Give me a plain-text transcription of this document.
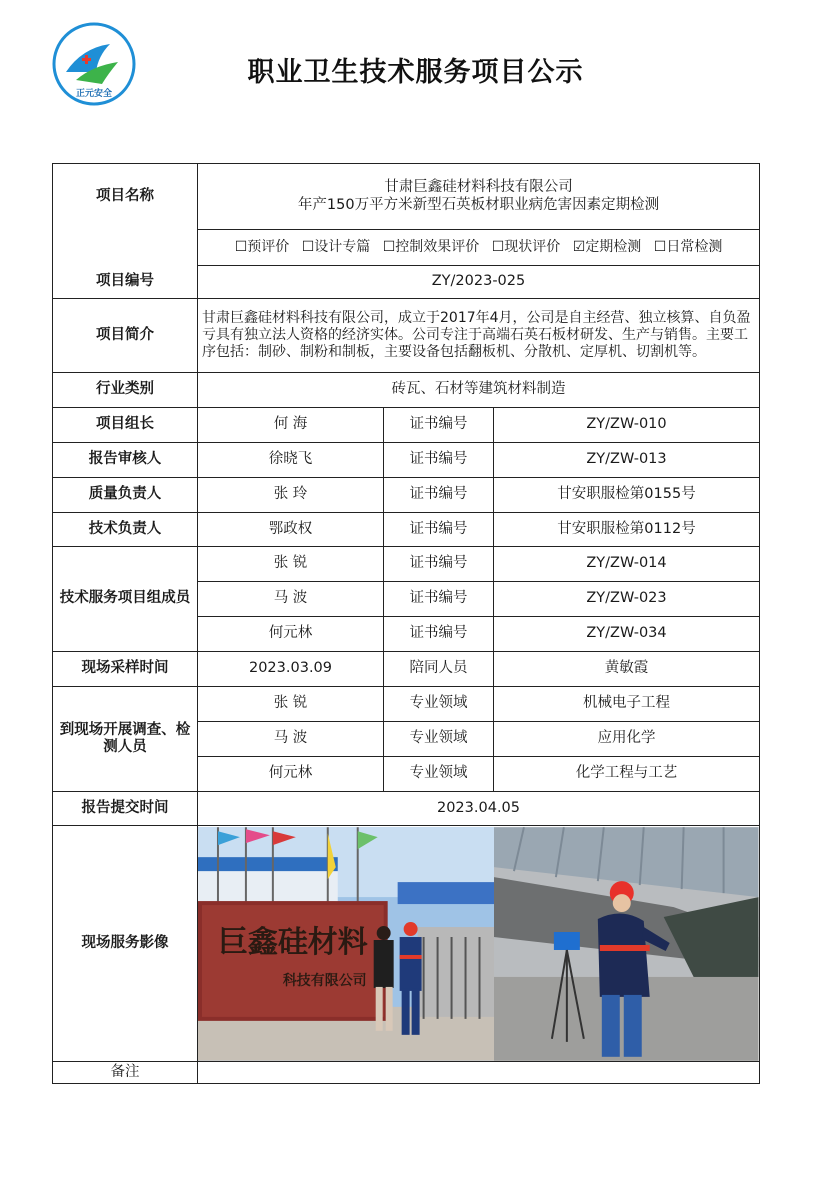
正元安全
职业卫生技术服务项目公示
项目名称	甘肃巨鑫硅材料科技有限公司
年产150万平方米新型石英板材职业病危害因素定期检测		

	☐预评价 ☐设计专篇 ☐控制效果评价 ☐现状评价 ☑定期检测 ☐日常检测		
项目编号	ZY/2023-025		
项目简介	甘肃巨鑫硅材料科技有限公司，成立于2017年4月，公司是自主经营、独立核算、自负盈亏具有独立法人资格的经济实体。公司专注于高端石英石板材研发、生产与销售。主要工序包括：制砂、制粉和制板，主要设备包括翻板机、分散机、定厚机、切割机等。		
行业类别	砖瓦、石材等建筑材料制造		
项目组长	何 海	证书编号	ZY/ZW-010
报告审核人	徐晓飞	证书编号	ZY/ZW-013
质量负责人	张 玲	证书编号	甘安职服检第0155号
技术负责人	鄂政权	证书编号	甘安职服检第0112号
技术服务项目组成员	张 锐	证书编号	ZY/ZW-014
	马 波	证书编号	ZY/ZW-023
	何元林	证书编号	ZY/ZW-034
现场采样时间	2023.03.09	陪同人员	黄敏霞
到现场开展调查、检测人员	张 锐	专业领域	机械电子工程
	马 波	专业领域	应用化学
	何元林	专业领域	化学工程与工艺
报告提交时间	2023.04.05		
现场服务影像	巨鑫硅材料
科技有限公司		

备注			
